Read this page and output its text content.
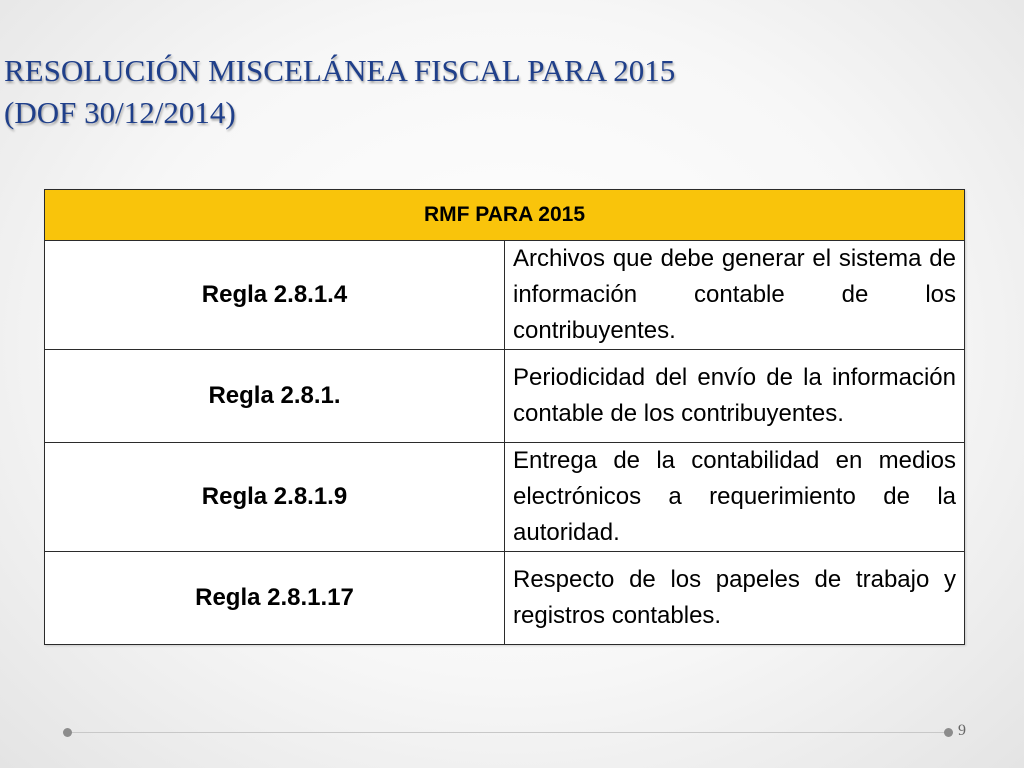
RESOLUCIÓN MISCELÁNEA FISCAL PARA 2015
(DOF 30/12/2014)
RMF PARA 2015	
Regla 2.8.1.4	Archivos que debe generar el sistema de información contable de los contribuyentes.
Regla 2.8.1.	Periodicidad del envío de la información contable de los contribuyentes.
Regla 2.8.1.9	Entrega de la contabilidad en medios electrónicos a requerimiento de la autoridad.
Regla 2.8.1.17	Respecto de los papeles de trabajo y registros contables.
9
